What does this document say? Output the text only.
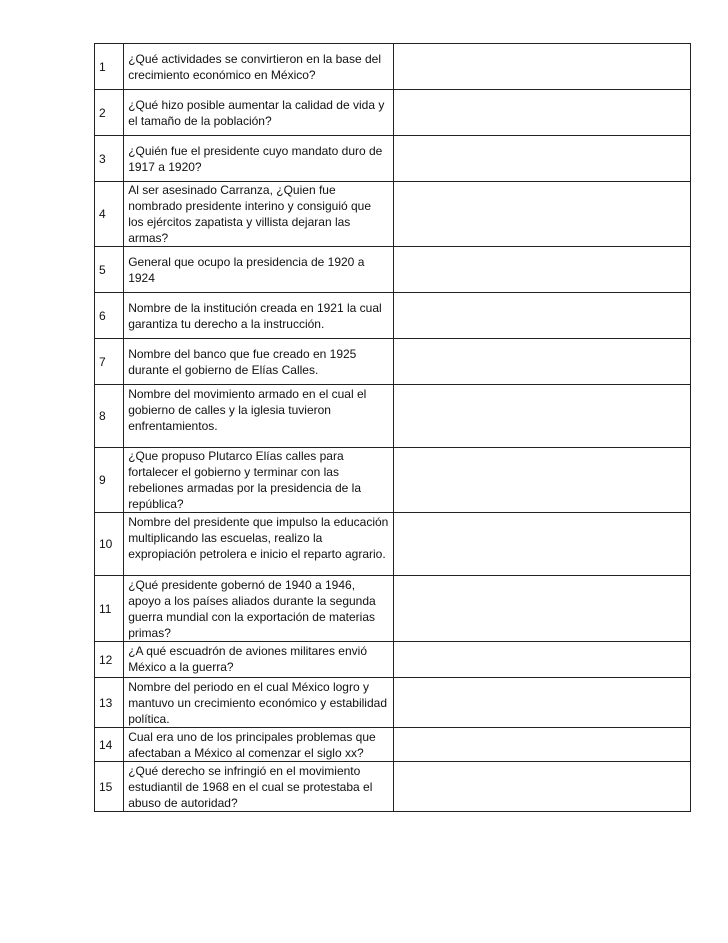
1	¿Qué actividades se convirtieron en la base del crecimiento económico en México?	
2	¿Qué hizo posible aumentar la calidad de vida y el tamaño de la población?	
3	¿Quién fue el presidente cuyo mandato duro de 1917 a 1920?	
4	Al ser asesinado Carranza, ¿Quien fue nombrado presidente interino y consiguió que los ejércitos zapatista y villista dejaran las armas?	
5	General que ocupo la presidencia de 1920 a 1924	
6	Nombre de la institución creada en 1921 la cual garantiza tu derecho a la instrucción.	
7	Nombre del banco que fue creado en 1925 durante el gobierno de Elías Calles.	
8	Nombre del movimiento armado en el cual el gobierno de calles y la iglesia tuvieron enfrentamientos.	
9	¿Que propuso Plutarco Elías calles para fortalecer el gobierno y terminar con las rebeliones armadas por la presidencia de la república?	
10	Nombre del presidente que impulso la educación multiplicando las escuelas, realizo la expropiación petrolera e inicio el reparto agrario.	
11	¿Qué presidente gobernó de 1940 a 1946, apoyo a los países aliados durante la segunda guerra mundial con la exportación de materias primas?	
12	¿A qué escuadrón de aviones militares envió México a la guerra?	
13	Nombre del periodo en el cual México logro y mantuvo un crecimiento económico y estabilidad política.	
14	Cual era uno de los principales problemas que afectaban a México al comenzar el siglo xx?	
15	¿Qué derecho se infringió en el movimiento estudiantil de 1968 en el cual se protestaba el abuso de autoridad?	
